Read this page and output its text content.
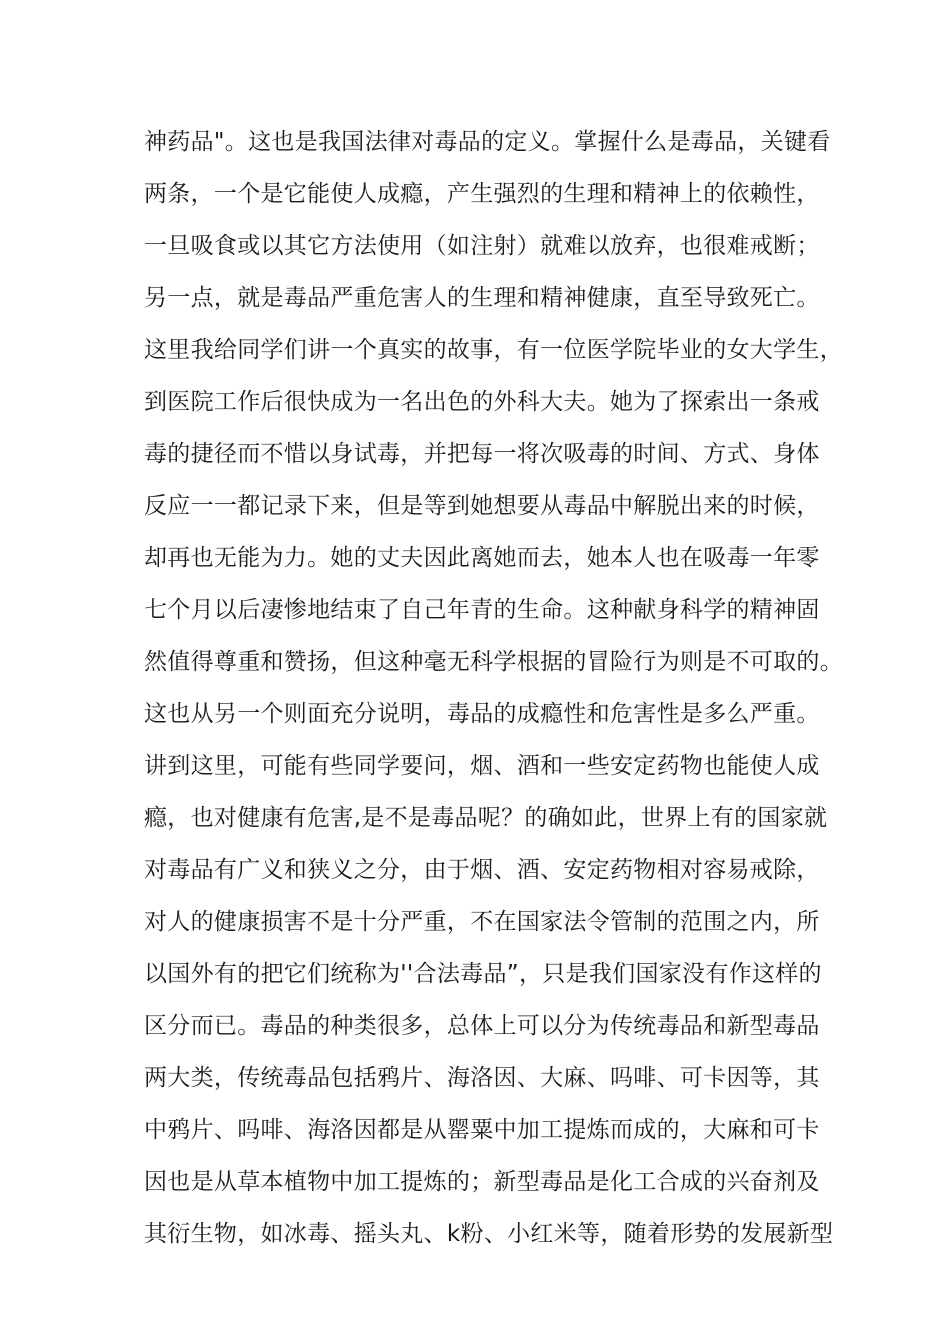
神药品"。这也是我国法律对毒品的定义。掌握什么是毒品，关键看
两条，一个是它能使人成瘾，产生强烈的生理和精神上的依赖性，
一旦吸食或以其它方法使用（如注射）就难以放弃，也很难戒断；
另一点，就是毒品严重危害人的生理和精神健康，直至导致死亡。
这里我给同学们讲一个真实的故事，有一位医学院毕业的女大学生，
到医院工作后很快成为一名出色的外科大夫。她为了探索出一条戒
毒的捷径而不惜以身试毒，并把每一将次吸毒的时间、方式、身体
反应一一都记录下来，但是等到她想要从毒品中解脱出来的时候，
却再也无能为力。她的丈夫因此离她而去，她本人也在吸毒一年零
七个月以后凄惨地结束了自己年青的生命。这种献身科学的精神固
然值得尊重和赞扬，但这种毫无科学根据的冒险行为则是不可取的。
这也从另一个则面充分说明，毒品的成瘾性和危害性是多么严重。
讲到这里，可能有些同学要问，烟、酒和一些安定药物也能使人成
瘾，也对健康有危害,是不是毒品呢？的确如此，世界上有的国家就
对毒品有广义和狭义之分，由于烟、酒、安定药物相对容易戒除，
对人的健康损害不是十分严重，不在国家法令管制的范围之内，所
以国外有的把它们统称为''合法毒品”，只是我们国家没有作这样的
区分而已。毒品的种类很多，总体上可以分为传统毒品和新型毒品
两大类，传统毒品包括鸦片、海洛因、大麻、吗啡、可卡因等，其
中鸦片、吗啡、海洛因都是从罂粟中加工提炼而成的，大麻和可卡
因也是从草本植物中加工提炼的；新型毒品是化工合成的兴奋剂及
其衍生物，如冰毒、摇头丸、k粉、小红米等，随着形势的发展新型
